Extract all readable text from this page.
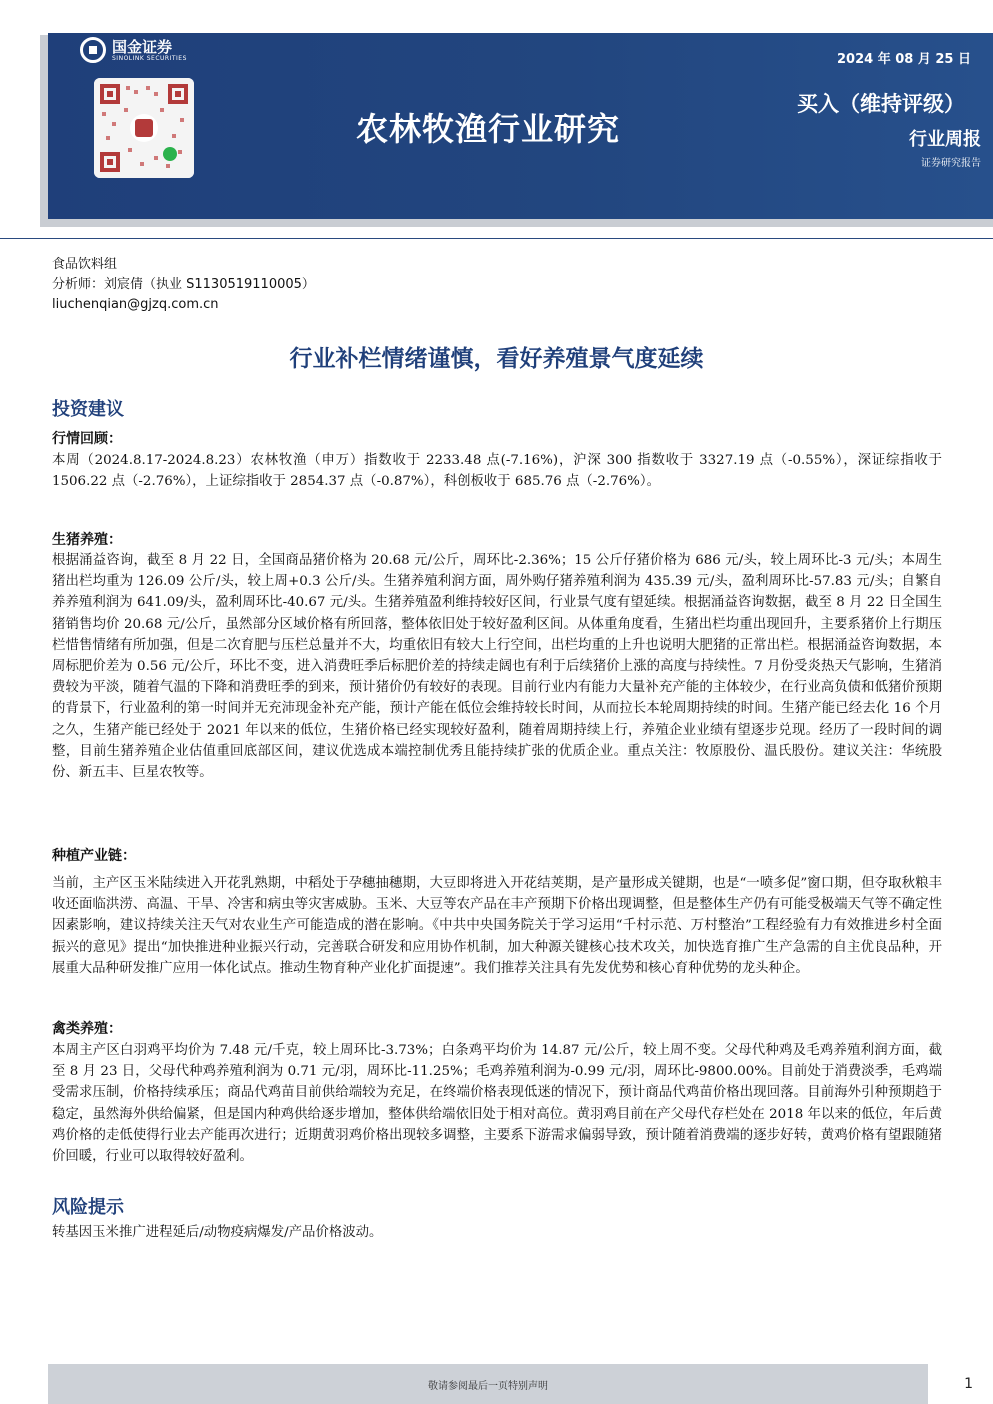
国金证券
SINOLINK SECURITIES	2024 年 08 月 25 日
农林牧渔行业研究
买入（维持评级）
行业周报
证券研究报告
食品饮料组
分析师：刘宸倩（执业 S1130519110005）
liuchenqian@gjzq.com.cn
行业补栏情绪谨慎，看好养殖景气度延续
投资建议
行情回顾：

本周（2024.8.17-2024.8.23）农林牧渔（申万）指数收于 2233.48 点(-7.16%)，沪深 300 指数收于 3327.19 点（-0.55%），深证综指收于 1506.22 点（-2.76%），上证综指收于 2854.37 点（-0.87%），科创板收于 685.76 点（-2.76%）。

生猪养殖：

根据涌益咨询，截至 8 月 22 日，全国商品猪价格为 20.68 元/公斤，周环比-2.36%；15 公斤仔猪价格为 686 元/头，较上周环比-3 元/头；本周生猪出栏均重为 126.09 公斤/头，较上周+0.3 公斤/头。生猪养殖利润方面，周外购仔猪养殖利润为 435.39 元/头，盈利周环比-57.83 元/头；自繁自养养殖利润为 641.09/头，盈利周环比-40.67 元/头。生猪养殖盈利维持较好区间，行业景气度有望延续。根据涌益咨询数据，截至 8 月 22 日全国生猪销售均价 20.68 元/公斤，虽然部分区域价格有所回落，整体依旧处于较好盈利区间。从体重角度看，生猪出栏均重出现回升，主要系猪价上行期压栏惜售情绪有所加强，但是二次育肥与压栏总量并不大，均重依旧有较大上行空间，出栏均重的上升也说明大肥猪的正常出栏。根据涌益咨询数据，本周标肥价差为 0.56 元/公斤，环比不变，进入消费旺季后标肥价差的持续走阔也有利于后续猪价上涨的高度与持续性。7 月份受炎热天气影响，生猪消费较为平淡，随着气温的下降和消费旺季的到来，预计猪价仍有较好的表现。目前行业内有能力大量补充产能的主体较少，在行业高负债和低猪价预期的背景下，行业盈利的第一时间并无充沛现金补充产能，预计产能在低位会维持较长时间，从而拉长本轮周期持续的时间。生猪产能已经去化 16 个月之久，生猪产能已经处于 2021 年以来的低位，生猪价格已经实现较好盈利，随着周期持续上行，养殖企业业绩有望逐步兑现。经历了一段时间的调整，目前生猪养殖企业估值重回底部区间，建议优选成本端控制优秀且能持续扩张的优质企业。重点关注：牧原股份、温氏股份。建议关注：华统股份、新五丰、巨星农牧等。

种植产业链：

当前，主产区玉米陆续进入开花乳熟期，中稻处于孕穗抽穗期，大豆即将进入开花结荚期，是产量形成关键期，也是“一喷多促”窗口期，但夺取秋粮丰收还面临洪涝、高温、干旱、冷害和病虫等灾害威胁。玉米、大豆等农产品在丰产预期下价格出现调整，但是整体生产仍有可能受极端天气等不确定性因素影响，建议持续关注天气对农业生产可能造成的潜在影响。《中共中央国务院关于学习运用“千村示范、万村整治”工程经验有力有效推进乡村全面振兴的意见》提出“加快推进种业振兴行动，完善联合研发和应用协作机制，加大种源关键核心技术攻关，加快选育推广生产急需的自主优良品种，开展重大品种研发推广应用一体化试点。推动生物育种产业化扩面提速”。我们推荐关注具有先发优势和核心育种优势的龙头种企。

禽类养殖：

本周主产区白羽鸡平均价为 7.48 元/千克，较上周环比-3.73%；白条鸡平均价为 14.87 元/公斤，较上周不变。父母代种鸡及毛鸡养殖利润方面，截至 8 月 23 日，父母代种鸡养殖利润为 0.71 元/羽，周环比-11.25%；毛鸡养殖利润为-0.99 元/羽，周环比-9800.00%。目前处于消费淡季，毛鸡端受需求压制，价格持续承压；商品代鸡苗目前供给端较为充足，在终端价格表现低迷的情况下，预计商品代鸡苗价格出现回落。目前海外引种预期趋于稳定，虽然海外供给偏紧，但是国内种鸡供给逐步增加，整体供给端依旧处于相对高位。黄羽鸡目前在产父母代存栏处在 2018 年以来的低位，年后黄鸡价格的走低使得行业去产能再次进行；近期黄羽鸡价格出现较多调整，主要系下游需求偏弱导致，预计随着消费端的逐步好转，黄鸡价格有望跟随猪价回暖，行业可以取得较好盈利。

风险提示

转基因玉米推广进程延后/动物疫病爆发/产品价格波动。

敬请参阅最后一页特别声明	1
